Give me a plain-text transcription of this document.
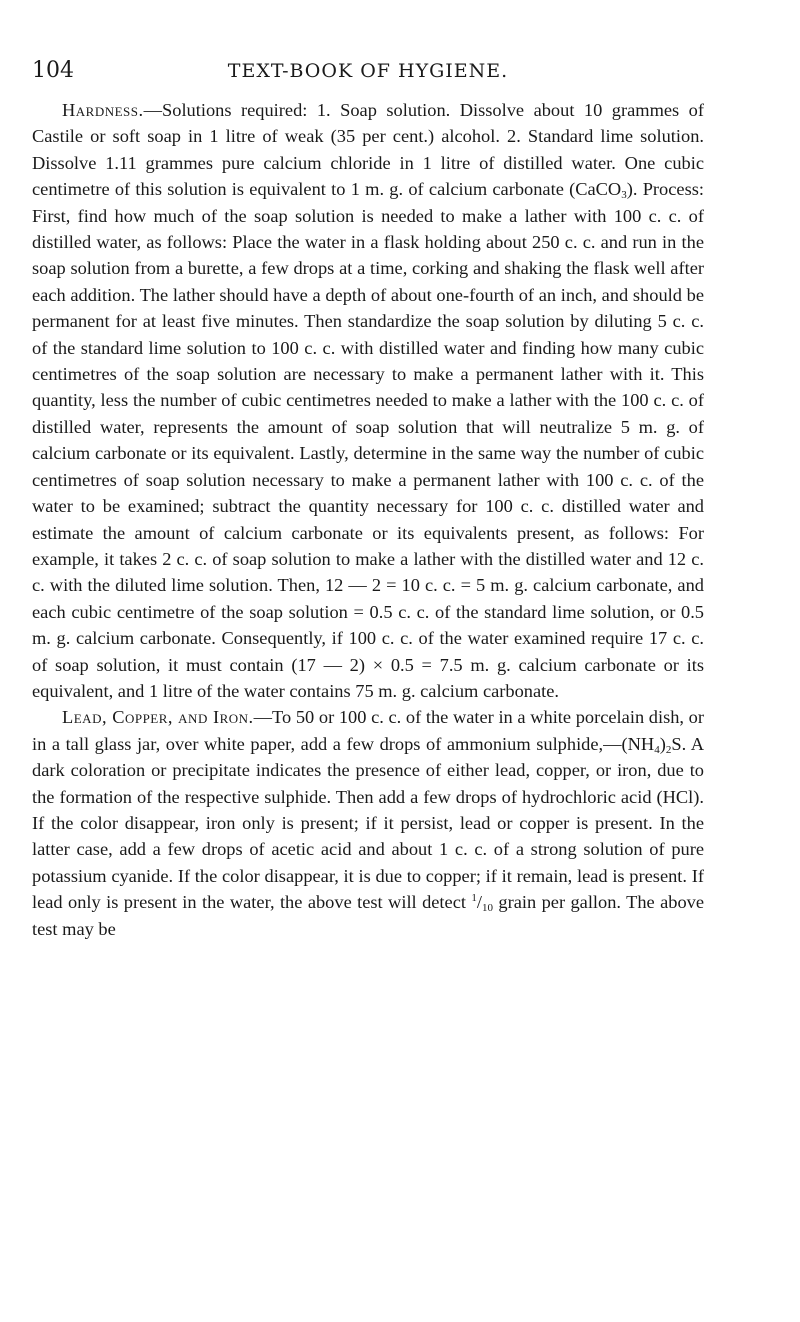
104	TEXT-BOOK OF HYGIENE.

Hardness.—Solutions required: 1. Soap solution. Dissolve about 10 grammes of Castile or soft soap in 1 litre of weak (35 per cent.) alcohol. 2. Standard lime solution. Dissolve 1.11 grammes pure calcium chloride in 1 litre of distilled water. One cubic centimetre of this solution is equivalent to 1 m. g. of calcium carbonate (CaCO$_3$). Process: First, find how much of the soap solution is needed to make a lather with 100 c. c. of distilled water, as follows: Place the water in a flask holding about 250 c. c. and run in the soap solution from a burette, a few drops at a time, corking and shaking the flask well after each addition. The lather should have a depth of about one-fourth of an inch, and should be permanent for at least five minutes. Then standardize the soap solution by diluting 5 c. c. of the standard lime solution to 100 c. c. with distilled water and finding how many cubic centimetres of the soap solution are necessary to make a permanent lather with it. This quantity, less the number of cubic centimetres needed to make a lather with the 100 c. c. of distilled water, represents the amount of soap solution that will neutralize 5 m. g. of calcium carbonate or its equivalent. Lastly, determine in the same way the number of cubic centimetres of soap solution necessary to make a permanent lather with 100 c. c. of the water to be examined; subtract the quantity necessary for 100 c. c. distilled water and estimate the amount of calcium carbonate or its equivalents present, as follows: For example, it takes 2 c. c. of soap solution to make a lather with the distilled water and 12 c. c. with the diluted lime solution. Then, 12 — 2 = 10 c. c. = 5 m. g. calcium carbonate, and each cubic centimetre of the soap solution = 0.5 c. c. of the standard lime solution, or 0.5 m. g. calcium carbonate. Consequently, if 100 c. c. of the water examined require 17 c. c. of soap solution, it must contain (17 — 2) × 0.5 = 7.5 m. g. calcium carbonate or its equivalent, and 1 litre of the water contains 75 m. g. calcium carbonate.

Lead, Copper, and Iron.—To 50 or 100 c. c. of the water in a white porcelain dish, or in a tall glass jar, over white paper, add a few drops of ammonium $sulphide,—(NH_4)_2S$. A dark coloration or precipitate indicates the presence of either lead, copper, or iron, due to the formation of the respective sulphide. Then add a few drops of hydrochloric acid (HCl). If the color disappear, iron only is present; if it persist, lead or copper is present. In the latter case, add a few drops of acetic acid and about 1 c. c. of a strong solution of pure potassium cyanide. If the color disappear, it is due to copper; if it remain, lead is present. If lead only is present in the water, the above test will detect $^1/_{10}$ grain per gallon. The above test may be
